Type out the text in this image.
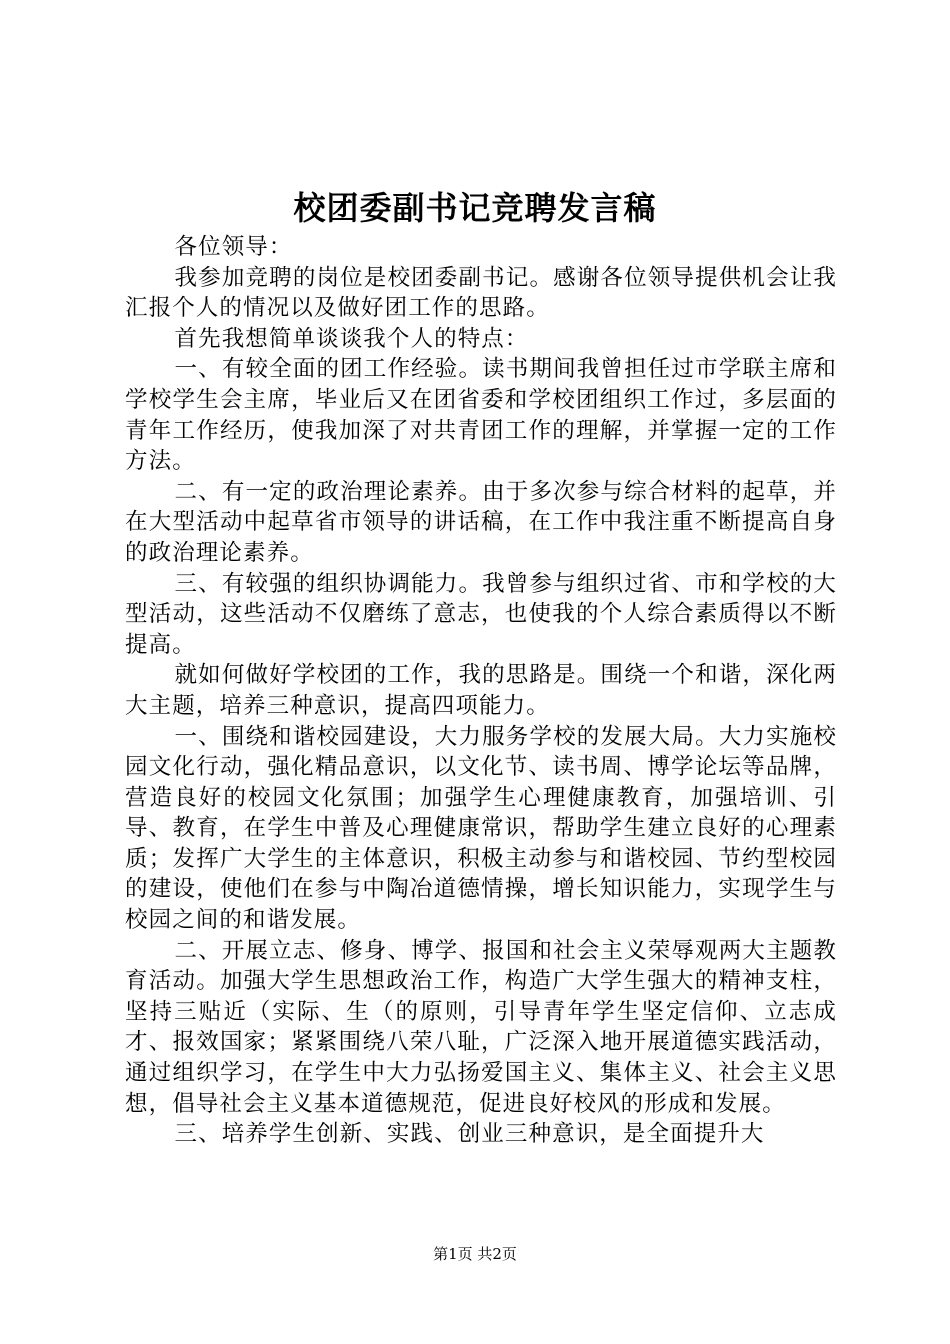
校团委副书记竞聘发言稿

各位领导：

我参加竞聘的岗位是校团委副书记。感谢各位领导提供机会让我汇报个人的情况以及做好团工作的思路。

首先我想简单谈谈我个人的特点：

一、有较全面的团工作经验。读书期间我曾担任过市学联主席和学校学生会主席，毕业后又在团省委和学校团组织工作过，多层面的青年工作经历，使我加深了对共青团工作的理解，并掌握一定的工作方法。

二、有一定的政治理论素养。由于多次参与综合材料的起草，并在大型活动中起草省市领导的讲话稿，在工作中我注重不断提高自身的政治理论素养。

三、有较强的组织协调能力。我曾参与组织过省、市和学校的大型活动，这些活动不仅磨练了意志，也使我的个人综合素质得以不断提高。

就如何做好学校团的工作，我的思路是。围绕一个和谐，深化两大主题，培养三种意识，提高四项能力。

一、围绕和谐校园建设，大力服务学校的发展大局。大力实施校园文化行动，强化精品意识，以文化节、读书周、博学论坛等品牌，营造良好的校园文化氛围；加强学生心理健康教育，加强培训、引导、教育，在学生中普及心理健康常识，帮助学生建立良好的心理素质；发挥广大学生的主体意识，积极主动参与和谐校园、节约型校园的建设，使他们在参与中陶冶道德情操，增长知识能力，实现学生与校园之间的和谐发展。

二、开展立志、修身、博学、报国和社会主义荣辱观两大主题教育活动。加强大学生思想政治工作，构造广大学生强大的精神支柱，坚持三贴近（实际、生（的原则，引导青年学生坚定信仰、立志成才、报效国家；紧紧围绕八荣八耻，广泛深入地开展道德实践活动，通过组织学习，在学生中大力弘扬爱国主义、集体主义、社会主义思想，倡导社会主义基本道德规范，促进良好校风的形成和发展。

三、培养学生创新、实践、创业三种意识，是全面提升大

第1页 共2页
